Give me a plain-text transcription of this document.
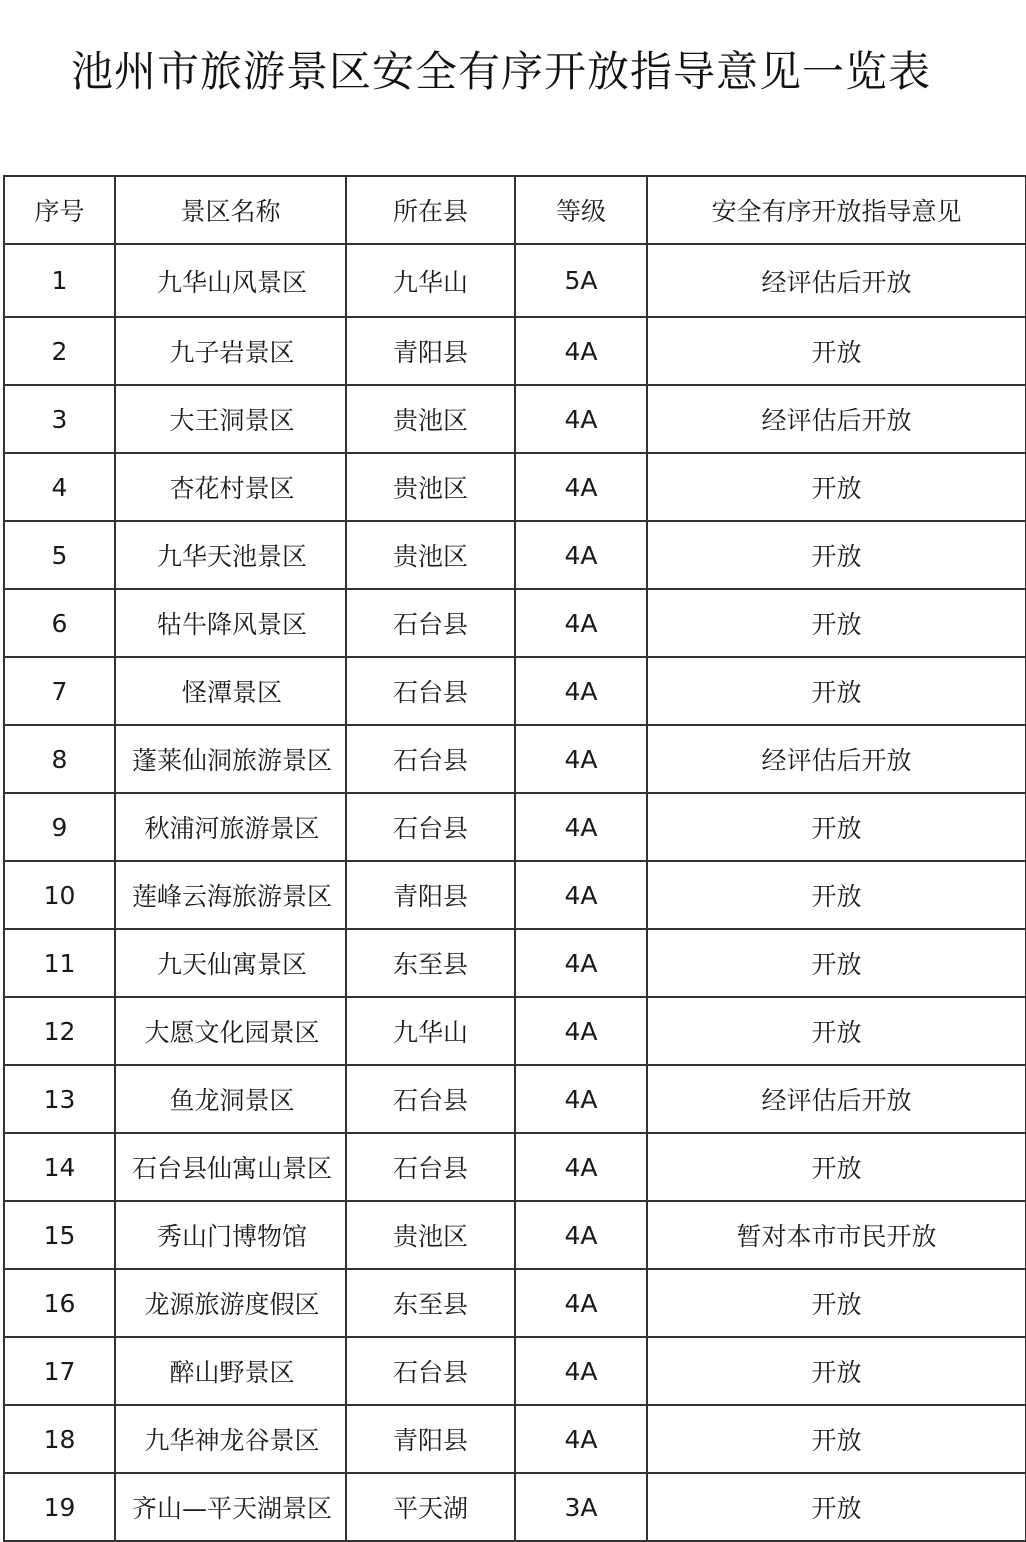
池州市旅游景区安全有序开放指导意见一览表
序号	景区名称	所在县	等级	安全有序开放指导意见
1	九华山风景区	九华山	5A	经评估后开放
2	九子岩景区	青阳县	4A	开放
3	大王洞景区	贵池区	4A	经评估后开放
4	杏花村景区	贵池区	4A	开放
5	九华天池景区	贵池区	4A	开放
6	牯牛降风景区	石台县	4A	开放
7	怪潭景区	石台县	4A	开放
8	蓬莱仙洞旅游景区	石台县	4A	经评估后开放
9	秋浦河旅游景区	石台县	4A	开放
10	莲峰云海旅游景区	青阳县	4A	开放
11	九天仙寓景区	东至县	4A	开放
12	大愿文化园景区	九华山	4A	开放
13	鱼龙洞景区	石台县	4A	经评估后开放
14	石台县仙寓山景区	石台县	4A	开放
15	秀山门博物馆	贵池区	4A	暂对本市市民开放
16	龙源旅游度假区	东至县	4A	开放
17	醉山野景区	石台县	4A	开放
18	九华神龙谷景区	青阳县	4A	开放
19	齐山—平天湖景区	平天湖	3A	开放
